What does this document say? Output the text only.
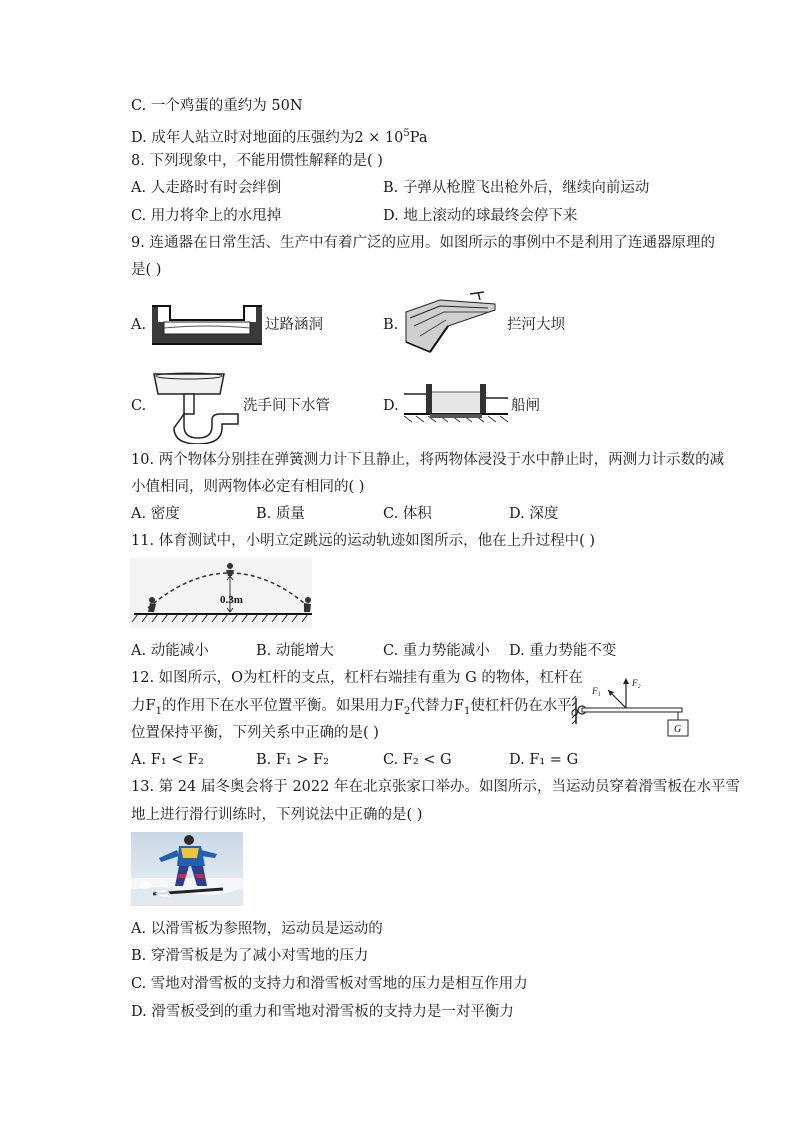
C. 一个鸡蛋的重约为 50N
D. 成年人站立时对地面的压强约为$2 \times 10^5Pa$
8. 下列现象中，不能用惯性解释的是( )
A. 人走路时有时会绊倒	B. 子弹从枪膛飞出枪外后，继续向前运动
C. 用力将伞上的水甩掉	D. 地上滚动的球最终会停下来
9. 连通器在日常生活、生产中有着广泛的应用。如图所示的事例中不是利用了连通器原理的
是( )
A.	过路涵洞	B.	拦河大坝
C.	洗手间下水管	D.	船闸
10. 两个物体分别挂在弹簧测力计下且静止，将两物体浸没于水中静止时，两测力计示数的减
小值相同，则两物体必定有相同的( )
A. 密度	B. 质量	C. 体积	D. 深度
11. 体育测试中，小明立定跳远的运动轨迹如图所示，他在上升过程中( )
0.3m
A. 动能减小	B. 动能增大	C. 重力势能减小 D. 重力势能不变
12. 如图所示，O为杠杆的支点，杠杆右端挂有重为 G 的物体，杠杆在
力$F_1$的作用下在水平位置平衡。如果用力$F_2$代替力$F_1$使杠杆仍在水平
位置保持平衡，下列关系中正确的是( )
O
F₁
F₂
G
A. F₁ < F₂	B. F₁ > F₂	C. F₂ < G	D. F₁ = G
13. 第 24 届冬奥会将于 2022 年在北京张家口举办。如图所示，当运动员穿着滑雪板在水平雪
地上进行滑行训练时，下列说法中正确的是( )
A. 以滑雪板为参照物，运动员是运动的
B. 穿滑雪板是为了减小对雪地的压力
C. 雪地对滑雪板的支持力和滑雪板对雪地的压力是相互作用力
D. 滑雪板受到的重力和雪地对滑雪板的支持力是一对平衡力
